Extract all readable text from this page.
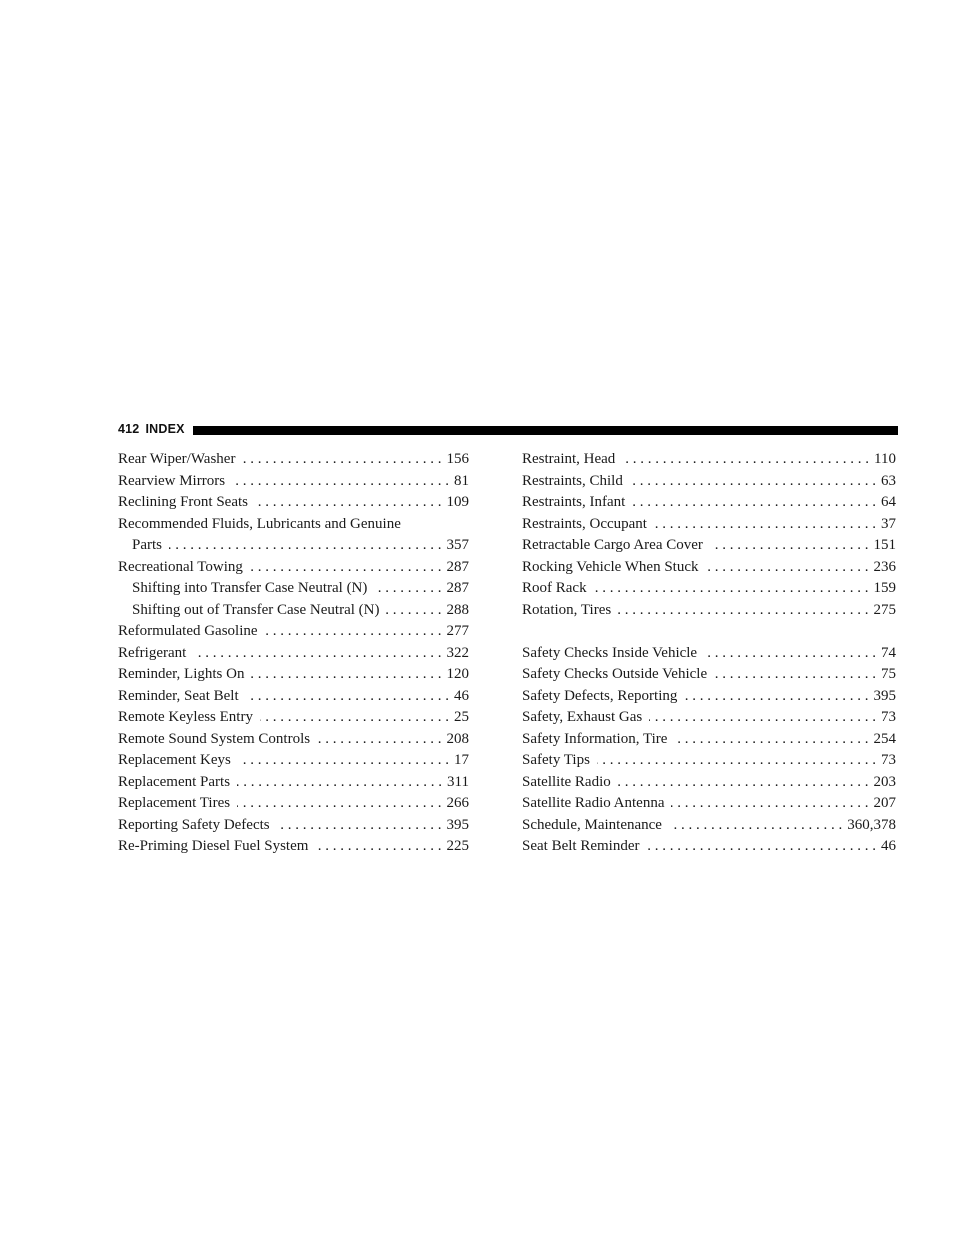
412 INDEX
Rear Wiper/Washer . . .	156
Rearview Mirrors . . .	81
Reclining Front Seats . . .	109
Recommended Fluids, Lubricants and Genuine
Parts . . .	357
Recreational Towing . . .	287
Shifting into Transfer Case Neutral (N) . . .	287
Shifting out of Transfer Case Neutral (N) . . .	288
Reformulated Gasoline . . .	277
Refrigerant . . .	322
Reminder, Lights On . . .	120
Reminder, Seat Belt . . .	46
Remote Keyless Entry . . .	25
Remote Sound System Controls . . .	208
Replacement Keys . . .	17
Replacement Parts . . .	311
Replacement Tires . . .	266
Reporting Safety Defects . . .	395
Re-Priming Diesel Fuel System . . .	225
Restraint, Head . . .	110
Restraints, Child . . .	63
Restraints, Infant . . .	64
Restraints, Occupant . . .	37
Retractable Cargo Area Cover . . .	151
Rocking Vehicle When Stuck . . .	236
Roof Rack . . .	159
Rotation, Tires . . .	275
Safety Checks Inside Vehicle . . .	74
Safety Checks Outside Vehicle . . .	75
Safety Defects, Reporting . . .	395
Safety, Exhaust Gas . . .	73
Safety Information, Tire . . .	254
Safety Tips . . .	73
Satellite Radio . . .	203
Satellite Radio Antenna . . .	207
Schedule, Maintenance . . .	360,378
Seat Belt Reminder . . .	46
